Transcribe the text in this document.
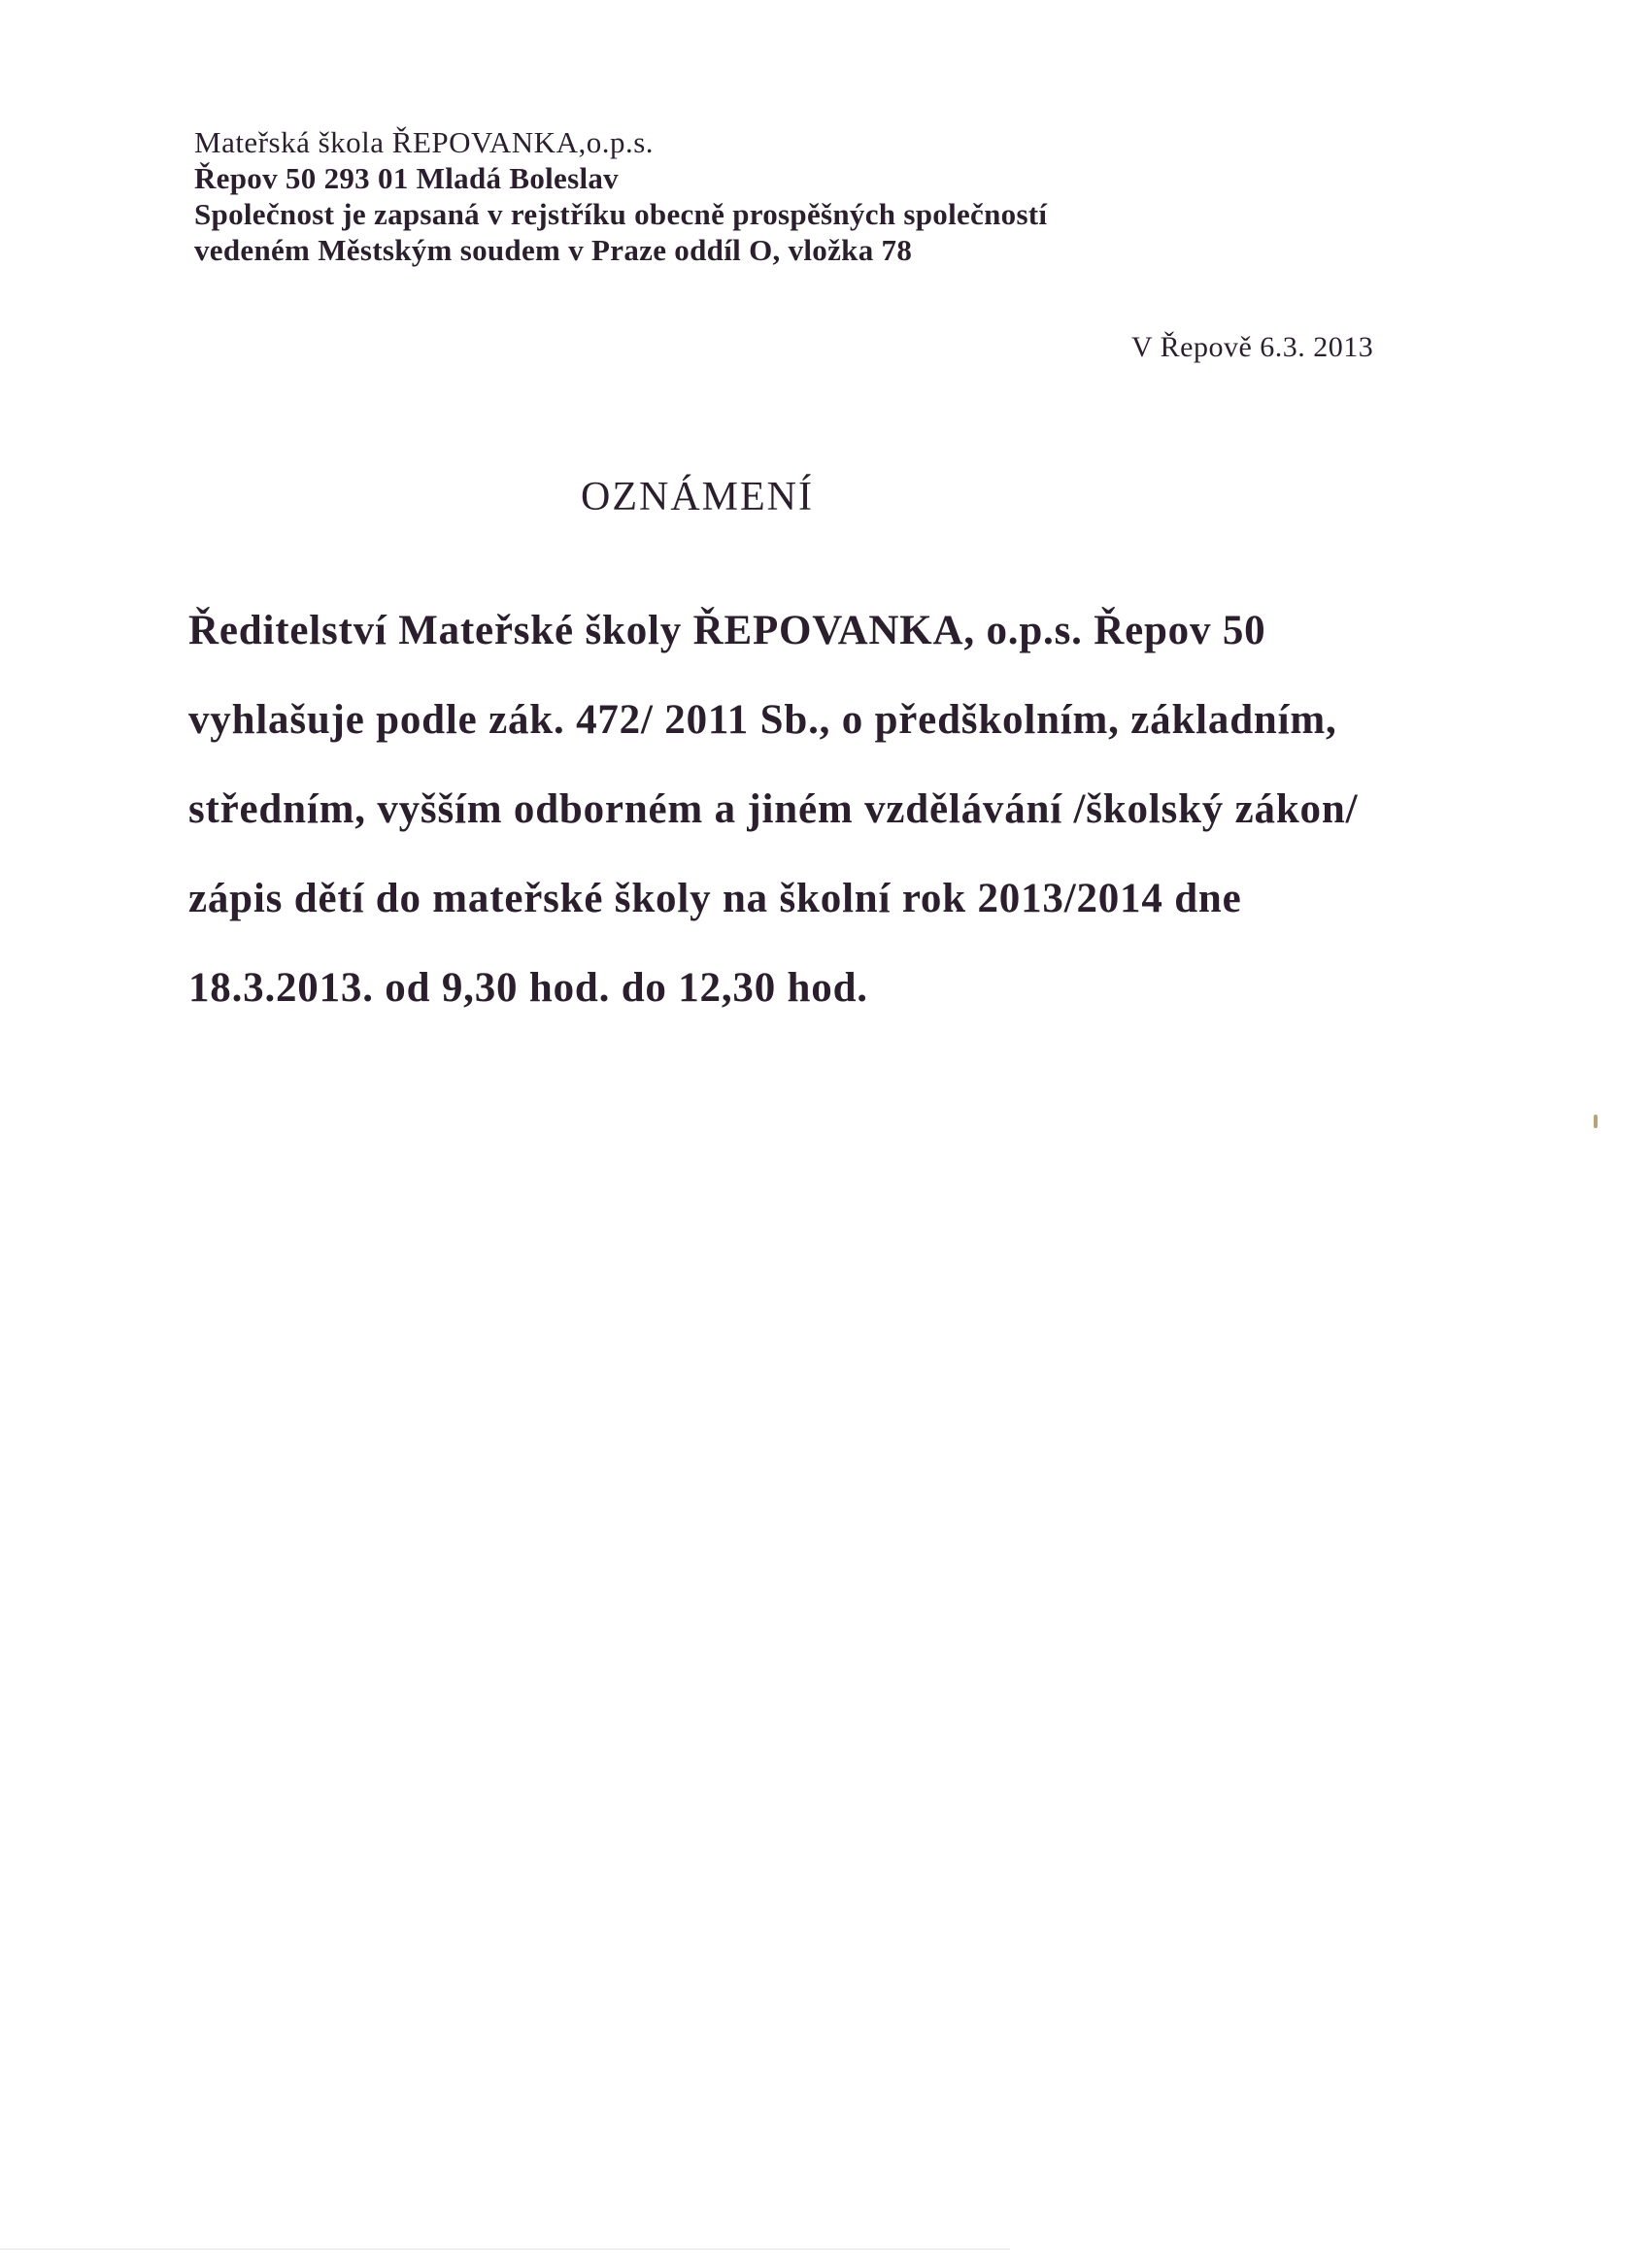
Mateřská škola ŘEPOVANKA,o.p.s.
Řepov 50 293 01 Mladá Boleslav
Společnost je zapsaná v rejstříku obecně prospěšných společností
vedeném Městským soudem v Praze oddíl O, vložka 78
V Řepově 6.3. 2013
OZNÁMENÍ
Ředitelství Mateřské školy ŘEPOVANKA, o.p.s. Řepov 50
vyhlašuje podle zák. 472/ 2011 Sb., o předškolním, základním,
středním, vyšším odborném a jiném vzdělávání /školský zákon/
zápis dětí do mateřské školy na školní rok 2013/2014 dne
18.3.2013. od 9,30 hod. do 12,30 hod.
